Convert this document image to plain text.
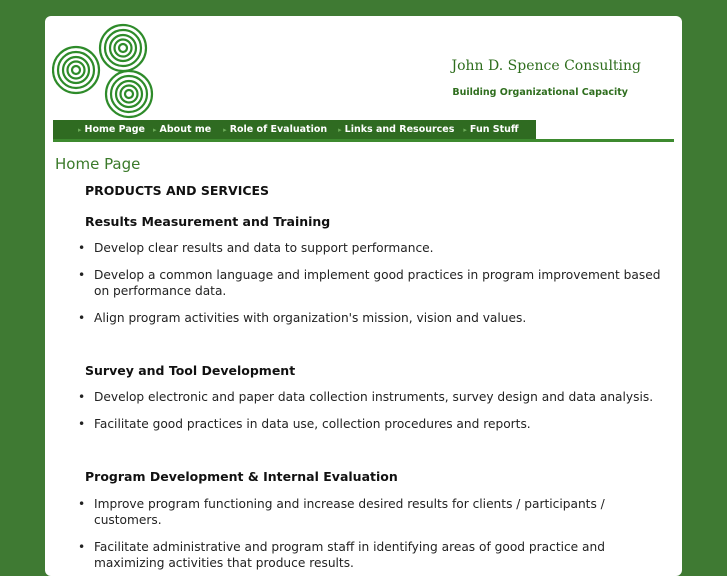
John D. Spence Consulting
Building Organizational Capacity
▸ Home Page ▸ About me ▸ Role of Evaluation ▸ Links and Resources ▸ Fun Stuff
Home Page
PRODUCTS AND SERVICES
Results Measurement and Training
• Develop clear results and data to support performance.
• Develop a common language and implement good practices in program improvement based on performance data.
• Align program activities with organization's mission, vision and values.
Survey and Tool Development
• Develop electronic and paper data collection instruments, survey design and data analysis.
• Facilitate good practices in data use, collection procedures and reports.
Program Development & Internal Evaluation
• Improve program functioning and increase desired results for clients / participants / customers.
• Facilitate administrative and program staff in identifying areas of good practice and maximizing activities that produce results.
